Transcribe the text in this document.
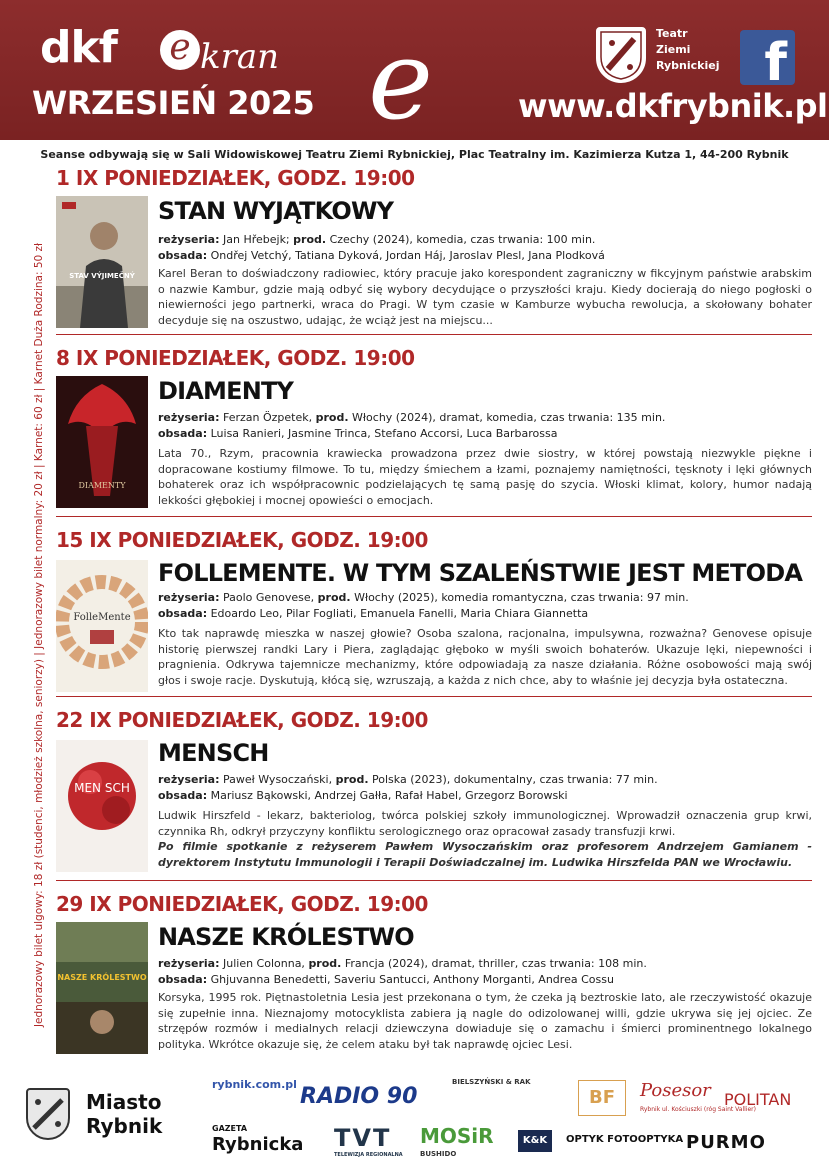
dkf e kran
WRZESIEŃ 2025 e	Teatr
Ziemi
Rybnickiej f
www.dkfrybnik.pl
Seanse odbywają się w Sali Widowiskowej Teatru Ziemi Rybnickiej, Plac Teatralny im. Kazimierza Kutza 1, 44-200 Rybnik
Jednorazowy bilet ulgowy: 18 zł (studenci, młodzież szkolna, seniorzy) | Jednorazowy bilet normalny: 20 zł | Karnet: 60 zł | Karnet Duża Rodzina: 50 zł
1 IX PONIEDZIAŁEK, GODZ. 19:00
STAV VÝJIMEČNÝ
STAN WYJĄTKOWY
reżyseria: Jan Hřebejk; prod. Czechy (2024), komedia, czas trwania: 100 min.
obsada: Ondřej Vetchý, Tatiana Dyková, Jordan Háj, Jaroslav Plesl, Jana Plodková
Karel Beran to doświadczony radiowiec, który pracuje jako korespondent zagraniczny w fikcyjnym państwie arabskim o nazwie Kambur, gdzie mają odbyć się wybory decydujące o przyszłości kraju. Kiedy docierają do niego pogłoski o niewierności jego partnerki, wraca do Pragi. W tym czasie w Kamburze wybucha rewolucja, a skołowany bohater decyduje się na oszustwo, udając, że wciąż jest na miejscu...
8 IX PONIEDZIAŁEK, GODZ. 19:00
DIAMENTY
DIAMENTY
reżyseria: Ferzan Özpetek, prod. Włochy (2024), dramat, komedia, czas trwania: 135 min.
obsada: Luisa Ranieri, Jasmine Trinca, Stefano Accorsi, Luca Barbarossa
Lata 70., Rzym, pracownia krawiecka prowadzona przez dwie siostry, w której powstają niezwykle piękne i dopracowane kostiumy filmowe. To tu, między śmiechem a łzami, poznajemy namiętności, tęsknoty i lęki głównych bohaterek oraz ich współpracownic podzielających tę samą pasję do szycia. Włoski klimat, kolory, humor nadają lekkości głębokiej i mocnej opowieści o emocjach.
15 IX PONIEDZIAŁEK, GODZ. 19:00
FolleMente
FOLLEMENTE. W TYM SZALEŃSTWIE JEST METODA
reżyseria: Paolo Genovese, prod. Włochy (2025), komedia romantyczna, czas trwania: 97 min.
obsada: Edoardo Leo, Pilar Fogliati, Emanuela Fanelli, Maria Chiara Giannetta
Kto tak naprawdę mieszka w naszej głowie? Osoba szalona, racjonalna, impulsywna, rozważna? Genovese opisuje historię pierwszej randki Lary i Piera, zaglądając głęboko w myśli swoich bohaterów. Ukazuje lęki, niepewności i pragnienia. Odkrywa tajemnicze mechanizmy, które odpowiadają za nasze działania. Różne osobowości mają swój głos i swoje racje. Dyskutują, kłócą się, wzruszają, a każda z nich chce, aby to właśnie jej decyzja była ostateczna.
22 IX PONIEDZIAŁEK, GODZ. 19:00
MEN SCH
MENSCH
reżyseria: Paweł Wysoczański, prod. Polska (2023), dokumentalny, czas trwania: 77 min.
obsada: Mariusz Bąkowski, Andrzej Gałła, Rafał Habel, Grzegorz Borowski
Ludwik Hirszfeld - lekarz, bakteriolog, twórca polskiej szkoły immunologicznej. Wprowadził oznaczenia grup krwi, czynnika Rh, odkrył przyczyny konfliktu serologicznego oraz opracował zasady transfuzji krwi.
Po filmie spotkanie z reżyserem Pawłem Wysoczańskim oraz profesorem Andrzejem Gamianem - dyrektorem Instytutu Immunologii i Terapii Doświadczalnej im. Ludwika Hirszfelda PAN we Wrocławiu.
29 IX PONIEDZIAŁEK, GODZ. 19:00
NASZE KRÓLESTWO
NASZE KRÓLESTWO
reżyseria: Julien Colonna, prod. Francja (2024), dramat, thriller, czas trwania: 108 min.
obsada: Ghjuvanna Benedetti, Saveriu Santucci, Anthony Morganti, Andrea Cossu
Korsyka, 1995 rok. Piętnastoletnia Lesia jest przekonana o tym, że czeka ją beztroskie lato, ale rzeczywistość okazuje się zupełnie inna. Nieznajomy motocyklista zabiera ją nagle do odizolowanej willi, gdzie ukrywa się jej ojciec. Ze strzępów rozmów i medialnych relacji dziewczyna dowiaduje się o zamachu i śmierci prominentnego lokalnego polityka. Wkrótce okazuje się, że celem ataku był tak naprawdę ojciec Lesi.
Miasto
Rybnik
rybnik.com.pl RADIO 90
BIELSZYŃSKI & RAK
BF	Posesor
Rybnik ul. Kościuszki (róg Saint Vallier)
POLITAN
GAZETA
Rybnicka TVT
TELEWIZJA REGIONALNA
MOSiR
BUSHIDO
K&K	OPTYK FOTOOPTYKA PURMO
